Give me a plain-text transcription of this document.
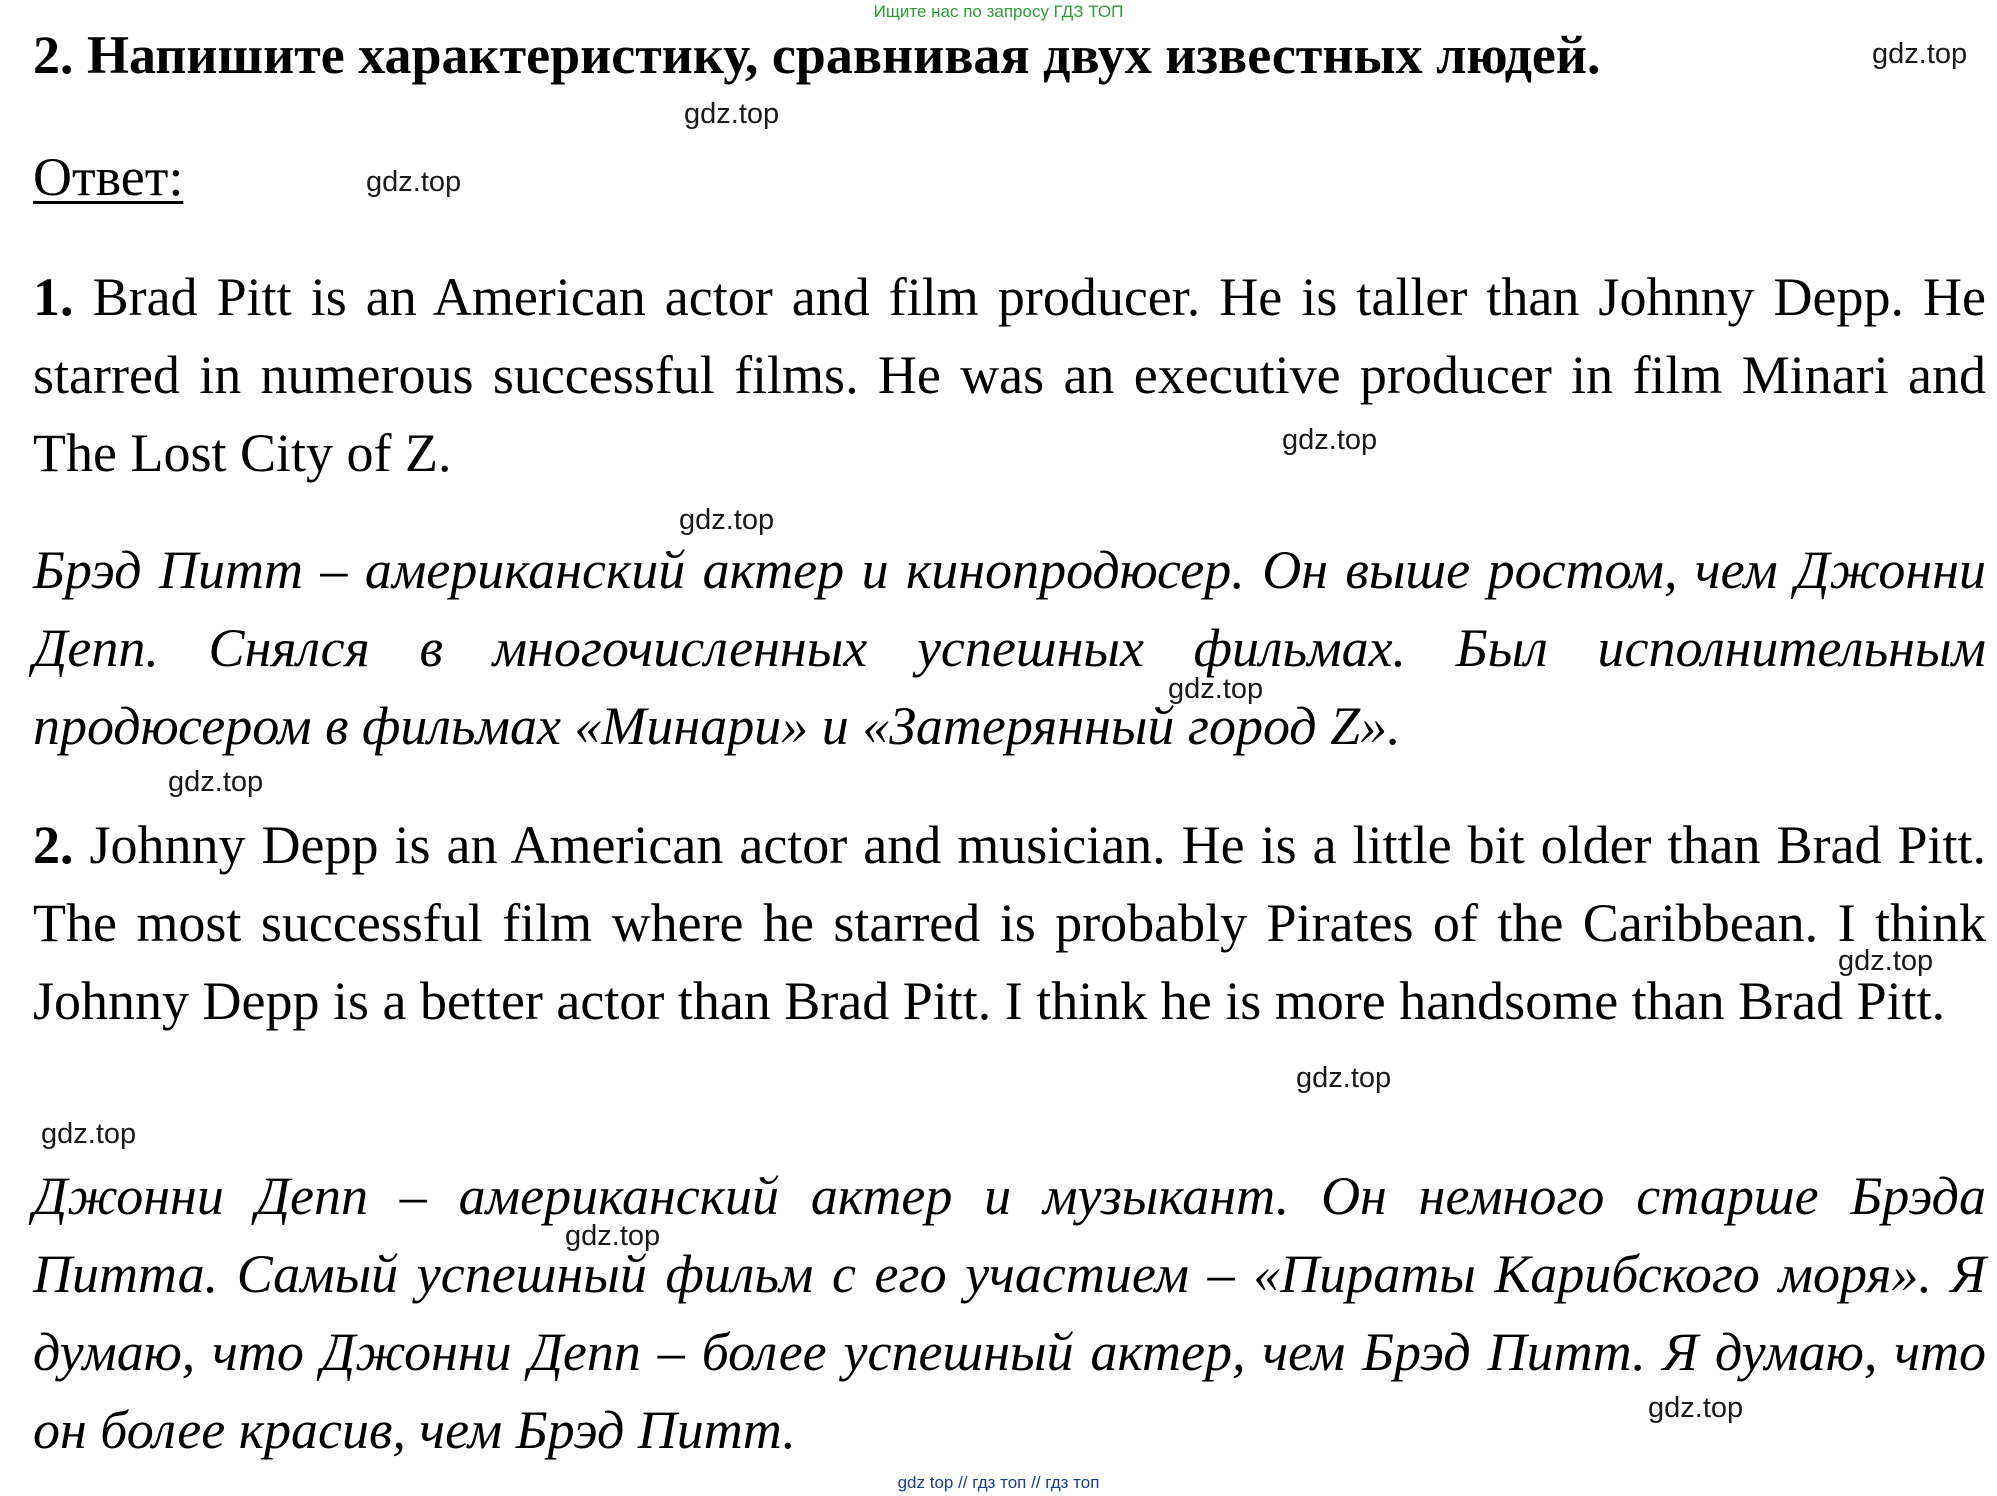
Ищите нас по запросу ГДЗ ТОП
2. Напишите характеристику, сравнивая двух известных людей.
Ответ:

1. Brad Pitt is an American actor and film producer. He is taller than Johnny Depp. He starred in numerous successful films. He was an executive producer in film Minari and The Lost City of Z.

Брэд Питт – американский актер и кинопродюсер. Он выше ростом, чем Джонни Депп. Снялся в многочисленных успешных фильмах. Был исполнительным продюсером в фильмах «Минари» и «Затерянный город Z».

2. Johnny Depp is an American actor and musician. He is a little bit older than Brad Pitt. The most successful film where he starred is probably Pirates of the Caribbean. I think Johnny Depp is a better actor than Brad Pitt. I think he is more handsome than Brad Pitt.

Джонни Депп – американский актер и музыкант. Он немного старше Брэда Питта. Самый успешный фильм с его участием – «Пираты Карибского моря». Я думаю, что Джонни Депп – более успешный актер, чем Брэд Питт. Я думаю, что он более красив, чем Брэд Питт.

gdz.top
gdz.top
gdz.top
gdz.top
gdz.top
gdz.top
gdz.top
gdz.top
gdz.top
gdz.top
gdz.top
gdz.top
gdz top // гдз топ // гдз топ
